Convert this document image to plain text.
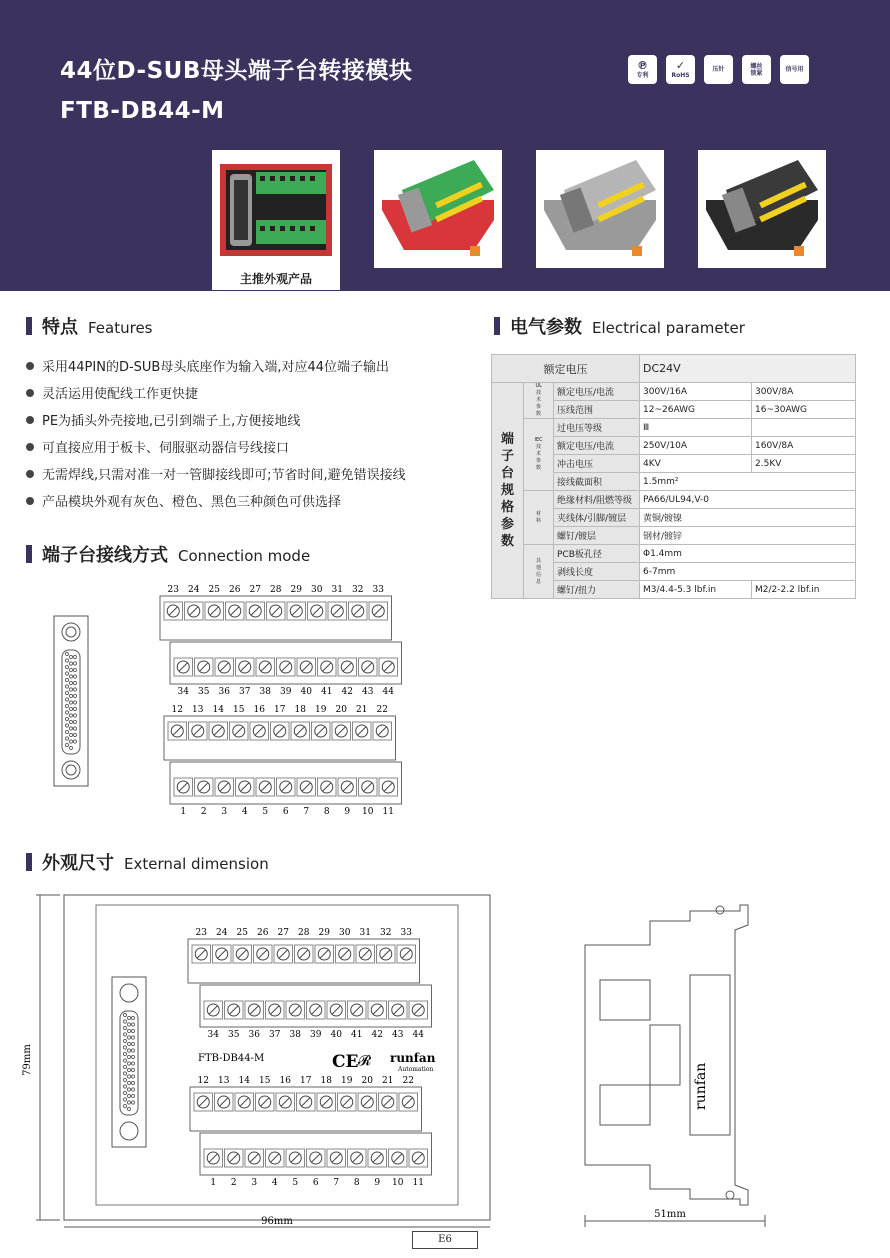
44位D-SUB母头端子台转接模块
FTB-DB44-M
℗
专利
✓
RoHS
压针	螺丝锁紧	信号用
主推外观产品
特点 Features
采用44PIN的D-SUB母头底座作为输入端,对应44位端子输出
灵活运用使配线工作更快捷
PE为插头外壳接地,已引到端子上,方便接地线
可直接应用于板卡、伺服驱动器信号线接口
无需焊线,只需对准一对一管脚接线即可;节省时间,避免错误接线
产品模块外观有灰色、橙色、黑色三种颜色可供选择
电气参数 Electrical parameter
额定电压			DC24V	
端子台规格参数	UL技术参数	额定电压/电流	300V/16A	300V/8A
		压线范围	12~26AWG	16~30AWG
	IEC技术参数	过电压等级	Ⅲ	
		额定电压/电流	250V/10A	160V/8A
		冲击电压	4KV	2.5KV
		接线截面积	1.5mm²	
	材料	绝缘材料/阻燃等级	PA66/UL94,V-0	
		夹线体/引脚/镀层	黄铜/镀镍	
		螺钉/镀层	钢材/镀锌	
	其他信息	PCB板孔径	Φ1.4mm	
		剥线长度	6-7mm	
		螺钉/扭力	M3/4.4-5.3 lbf.in	M2/2-2.2 lbf.in
端子台接线方式 Connection mode
23
34
24
35
25
36
26
37
27
38
28
39
29
40
30
41
31
42
32
43
33
44
12
1
13
2
14
3
15
4
16
5
17
6
18
7
19
8
20
9
21
10
22
11
外观尺寸 External dimension
79mm
96mm
FTB-DB44-M	CE 𝓡 runfan
Automation
23
34
24
35
25
36
26
37
27
38
28
39
29
40
30
41
31
42
32
43
33
44
12
1
13
2
14
3
15
4
16
5
17
6
18
7
19
8
20
9
21
10
22
11
runfan
51mm
E6
